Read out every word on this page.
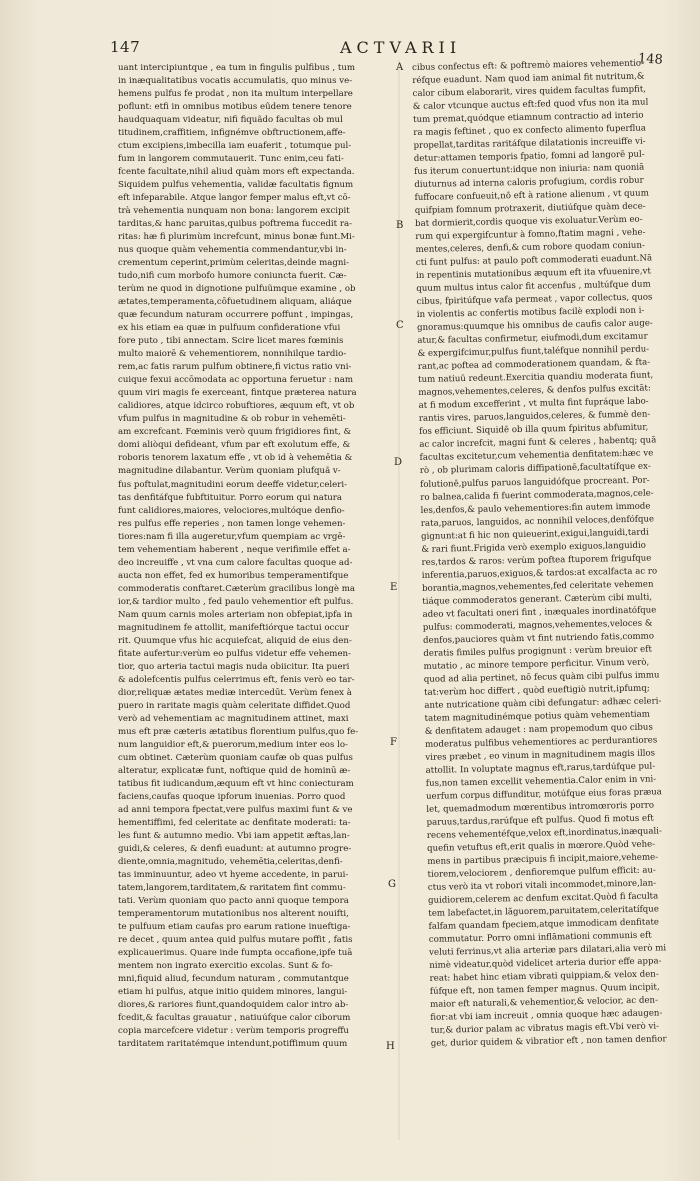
147	ACTVARII
148
uant intercipiuntque , ea tum in fingulis pulfibus , tum
in inæqualitatibus vocatis accumulatis, quo minus ve-
hemens pulfus fe prodat , non ita multum interpellare
poflunt: etfi in omnibus motibus eûdem tenere tenore
haudquaquam videatur, nifi fiquãdo facultas ob mul
titudinem,craffitiem, infignémve obftructionem,affe-
ctum excipiens,imbecilla iam euaferit , totumque pul-
fum in langorem commutauerit. Tunc enim,ceu fati-
fcente facultate,nihil aliud quàm mors eft expectanda.
Siquidem pulfus vehementia, validæ facultatis fignum
eft infeparabile. Atque langor femper malus eft,vt cō-
trà vehementia nunquam non bona: langorem excipit
tarditas,& hanc paruitas,quibus poftrema fuccedit ra-
ritas: hæ fi plurimùm increfcunt, minus bonæ funt.Mi-
nus quoque quàm vehementia commendantur,vbi in-
crementum ceperint,primùm celeritas,deinde magni-
tudo,nifi cum morbofo humore coniuncta fuerit. Cæ-
terùm ne quod in dignotione pulfuũmque examine , ob
ætates,temperamenta,cōfuetudinem aliquam, aliáque
quæ fecundum naturam occurrere poffunt , impingas,
ex his etiam ea quæ in pulfuum confideratione vfui
fore puto , tibi annectam. Scire licet mares fœminis
multo maiorē & vehementiorem, nonnihilque tardio-
rem,ac fatis rarum pulfum obtinere,fi victus ratio vni-
cuique fexui accōmodata ac opportuna feruetur : nam
quum viri magis fe exerceant, fintque præterea natura
calidiores, atque idcirco robuftiores, æquum eft, vt ob
vfum pulfus in magnitudine & ob robur in vehemēti-
am excrefcant. Fœminis verò quum frigidiores fint, &
domi aliòqui defideant, vfum par eft exolutum effe, &
roboris tenorem laxatum effe , vt ob id à vehemētia &
magnitudine dilabantur. Verùm quoniam plufquã v-
fus poftulat,magnitudini eorum deeffe videtur,celeri-
tas denfitáfque fubftituitur. Porro eorum qui natura
funt calidiores,maiores, velociores,multóque denfio-
res pulfus effe reperies , non tamen longe vehemen-
tiores:nam fi illa augeretur,vfum quempiam ac vrgē-
tem vehementiam haberent , neque verifimile effet a-
deo increuiffe , vt vna cum calore facultas quoque ad-
aucta non effet, fed ex humoribus temperamentifque
commoderatis conftaret.Cæterùm gracilibus longè ma
ior,& tardior multo , fed paulo vehementior eft pulfus.
Nam quum carnis moles arteriam non obfepiat,ipfa in
magnitudinem fe attollit, manifeftiórque tactui occur
rit. Quumque vfus hic acquiefcat, aliquid de eius den-
fitate aufertur:verùm eo pulfus videtur effe vehemen-
tior, quo arteria tactui magis nuda obiicitur. Ita pueri
& adolefcentis pulfus celerrimus eft, fenis verò eo tar-
dior,reliquæ ætates mediæ intercedūt. Verùm fenex à
puero in raritate magis quàm celeritate diffidet.Quod
verò ad vehementiam ac magnitudinem attinet, maxi
mus eft præ cæteris ætatibus florentium pulfus,quo fe-
num languidior eft,& puerorum,medium inter eos lo-
cum obtinet. Cæterùm quoniam caufæ ob quas pulfus
alteratur, explicatæ funt, noftique quid de hominū æ-
tatibus fit iudicandum,æquum eft vt hinc coniecturam
faciens,caufas quoque ipforum inuenias. Porro quod
ad anni tempora fpectat,vere pulfus maximi funt & ve
hementiffimi, fed celeritate ac denfitate moderati: ta-
les funt & autumno medio. Vbi iam appetit æftas,lan-
guidi,& celeres, & denfi euadunt: at autumno progre-
diente,omnia,magnitudo, vehemētia,celeritas,denfi-
tas imminuuntur, adeo vt hyeme accedente, in parui-
tatem,langorem,tarditatem,& raritatem fint commu-
tati. Verùm quoniam quo pacto anni quoque tempora
temperamentorum mutationibus nos alterent nouifti,
te pulfuum etiam caufas pro earum ratione inueftiga-
re decet , quum antea quid pulfus mutare poffit , fatis
explicauerimus. Quare inde fumpta occafione,ipfe tuā
mentem non ingrato exercitio excolas. Sunt & fo-
mni,fiquid aliud, fecundum naturam , commutantque
etiam hi pulfus, atque initio quidem minores, langui-
diores,& rariores fiunt,quandoquidem calor intro ab-
fcedit,& facultas grauatur , natiuúfque calor ciborum
copia marcefcere videtur : verùm temporis progreffu
tarditatem raritatémque intendunt,potiffimum quum
cibus confectus eft: & poftremò maiores vehementio-
réfque euadunt. Nam quod iam animal fit nutritum,&
calor cibum elaborarit, vires quidem facultas fumpfit,
& calor vtcunque auctus eft:fed quod vfus non ita mul
tum premat,quódque etiamnum contractio ad interio
ra magis feftinet , quo ex confecto alimento fuperflua
propellat,tarditas raritáfque dilatationis increuiffe vi-
detur:attamen temporis fpatio, fomni ad langorē pul-
fus iterum conuertunt:idque non iniuria: nam quoniā
diuturnus ad interna caloris profugium, cordis robur
fuffocare confueuit,nō eft à ratione alienum , vt quum
quifpiam fomnum protraxerit, diutiúfque quàm dece-
bat dormierit,cordis quoque vis exoluatur.Verùm eo-
rum qui expergifcuntur à fomno,ftatim magni , vehe-
mentes,celeres, denfi,& cum robore quodam coniun-
cti funt pulfus: at paulo poft commoderati euadunt.Nā
in repentinis mutationibus æquum eft ita vfuuenire,vt
quum multus intus calor fit accenfus , multúfque dum
cibus, fpiritúfque vafa permeat , vapor collectus, quos
in violentis ac confertis motibus facilè explodi non i-
gnoramus:quumque his omnibus de caufis calor auge-
atur,& facultas confirmetur, eiufmodi,dum excitamur
& expergifcimur,pulfus fiunt,taléfque nonnihil perdu-
rant,ac poftea ad commoderationem quandam, & fta-
tum natiuū redeunt.Exercitia quandiu moderata fiunt,
magnos,vehementes,celeres, & denfos pulfus excitāt:
at fi modum excefferint , vt multa fint fupráque labo-
rantis vires, paruos,languidos,celeres, & fummè den-
fos efficiunt. Siquidē ob illa quum fpiritus abfumitur,
ac calor increfcit, magni funt & celeres , habentq; quā
facultas excitetur,cum vehementia denfitatem:hæc ve
rò , ob plurimam caloris diffipationē,facultatífque ex-
folutionē,pulfus paruos languidófque procreant. Por-
ro balnea,calida fi fuerint commoderata,magnos,cele-
les,denfos,& paulo vehementiores:fin autem immode
rata,paruos, languidos, ac nonnihil veloces,denfófque
gignunt:at fi hic non quieuerint,exigui,languidi,tardi
& rari fiunt.Frigida verò exemplo exiguos,languidio
res,tardos & raros: verùm poftea ftuporem frigufque
inferentia,paruos,exiguos,& tardos:at excalfacta ac ro
borantia,magnos,vehementes,fed celeritate vehemen
tiáque commoderatos generant. Cæterùm cibi multi,
adeo vt facultati oneri fint , inæquales inordinatófque
pulfus: commoderati, magnos,vehementes,veloces &
denfos,pauciores quàm vt fint nutriendo fatis,commo
deratis fimiles pulfus progignunt : verùm breuior eft
mutatio , ac minore tempore perficitur. Vinum verò,
quod ad alia pertinet, nō fecus quàm cibi pulfus immu
tat:verùm hoc differt , quòd eueftigiò nutrit,ipfumq;
ante nutricatione quàm cibi defungatur: adhæc celeri-
tatem magnitudinémque potius quàm vehementiam
& denfitatem adauget : nam propemodum quo cibus
moderatus pulfibus vehementiores ac perdurantiores
vires præbet , eo vinum in magnitudinem magis illos
attollit. In voluptate magnus eft,rarus,tardúfque pul-
fus,non tamen excellit vehementia.Calor enim in vni-
uerfum corpus diffunditur, motúfque eius foras præua
let, quemadmodum mœrentibus intromœroris porro
paruus,tardus,rarúfque eft pulfus. Quod fi motus eft
recens vehementéfque,velox eft,inordinatus,inæquali-
quefin vetuftus eft,erit qualis in mœrore.Quòd vehe-
mens in partibus præcipuis fi incipit,maiore,veheme-
tiorem,velociorem , denfioremque pulfum efficit: au-
ctus verò ita vt robori vitali incommodet,minore,lan-
guidiorem,celerem ac denfum excitat.Quòd fi faculta
tem labefactet,in lãguorem,paruitatem,celeritatífque
falfam quandam fpeciem,atque immodicam denfitate
commutatur. Porro omni inflāmationi communis eft
veluti ferrinus,vt alia arteriæ pars dilatari,alia verò mi
nimè videatur,quòd videlicet arteria durior effe appa-
reat: habet hinc etiam vibrati quippiam,& velox den-
fúfque eft, non tamen femper magnus. Quum incipit,
maior eft naturali,& vehementior,& velocior, ac den-
fior:at vbi iam increuit , omnia quoque hæc adaugen-
tur,& durior palam ac vibratus magis eft.Vbi verò vi-
get, durior quidem & vibratior eft , non tamen denfior
A
B
C
D
E
F
G
H
